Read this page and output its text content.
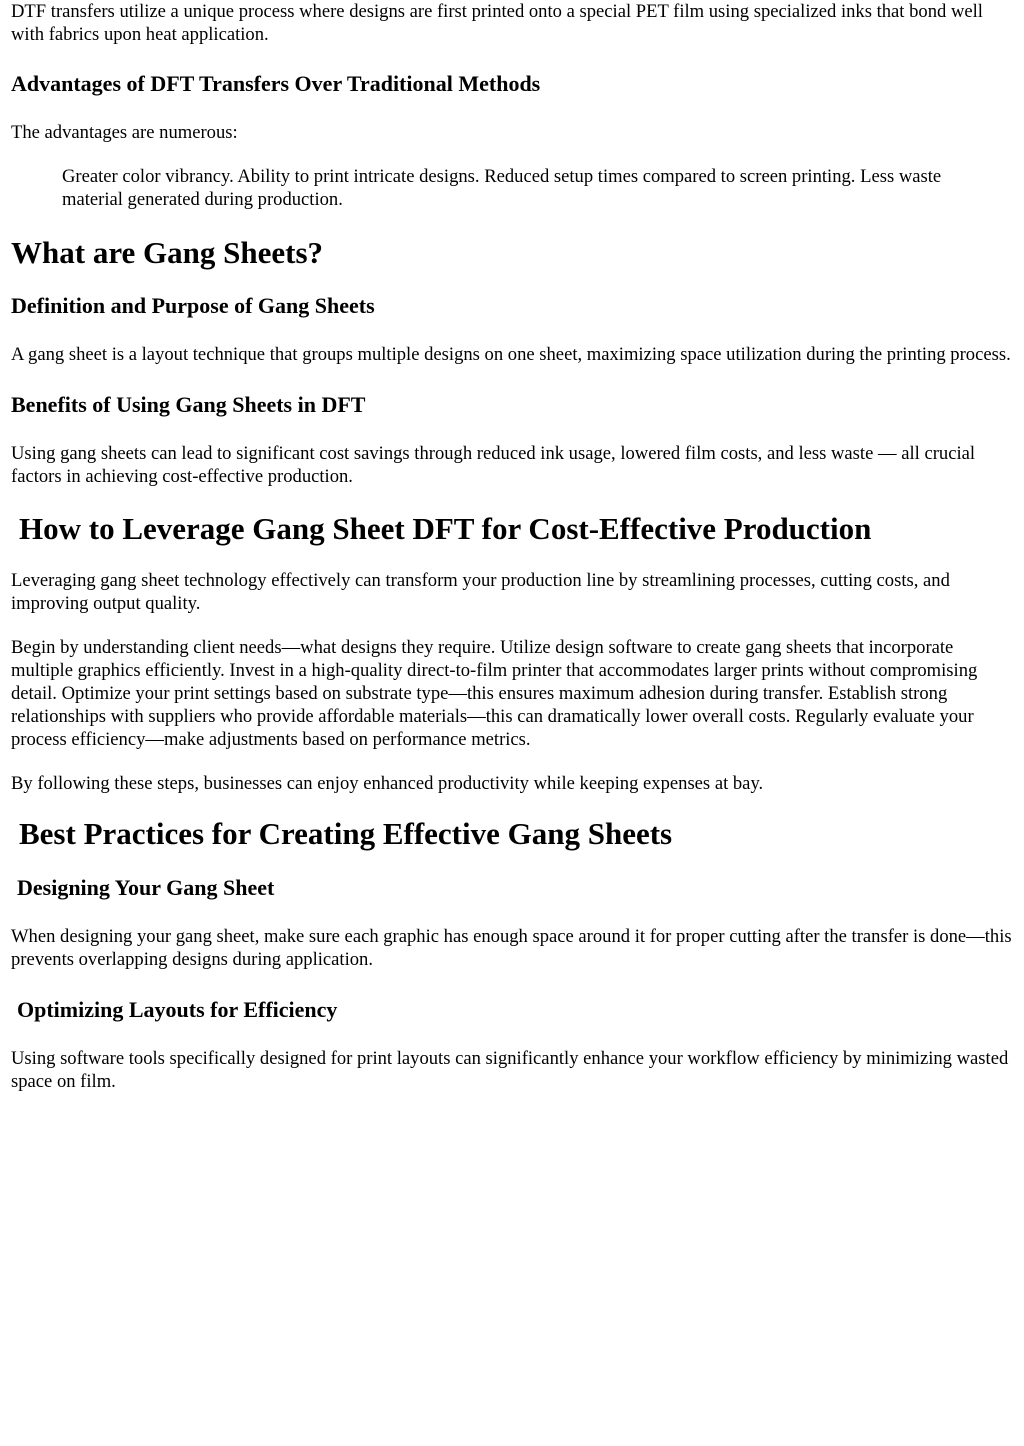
DTF transfers utilize a unique process where designs are first printed onto a special PET film using specialized inks that bond well with fabrics upon heat application.

Advantages of DFT Transfers Over Traditional Methods

The advantages are numerous:

Greater color vibrancy. Ability to print intricate designs. Reduced setup times compared to screen printing. Less waste material generated during production.

What are Gang Sheets?
Definition and Purpose of Gang Sheets

A gang sheet is a layout technique that groups multiple designs on one sheet, maximizing space utilization during the printing process.

Benefits of Using Gang Sheets in DFT

Using gang sheets can lead to significant cost savings through reduced ink usage, lowered film costs, and less waste — all crucial factors in achieving cost-effective production.

How to Leverage Gang Sheet DFT for Cost-Effective Production

Leveraging gang sheet technology effectively can transform your production line by streamlining processes, cutting costs, and improving output quality.

Begin by understanding client needs—what designs they require. Utilize design software to create gang sheets that incorporate multiple graphics efficiently. Invest in a high-quality direct-to-film printer that accommodates larger prints without compromising detail. Optimize your print settings based on substrate type—this ensures maximum adhesion during transfer. Establish strong relationships with suppliers who provide affordable materials—this can dramatically lower overall costs. Regularly evaluate your process efficiency—make adjustments based on performance metrics.

By following these steps, businesses can enjoy enhanced productivity while keeping expenses at bay.

Best Practices for Creating Effective Gang Sheets
Designing Your Gang Sheet

When designing your gang sheet, make sure each graphic has enough space around it for proper cutting after the transfer is done—this prevents overlapping designs during application.

Optimizing Layouts for Efficiency

Using software tools specifically designed for print layouts can significantly enhance your workflow efficiency by minimizing wasted space on film.
